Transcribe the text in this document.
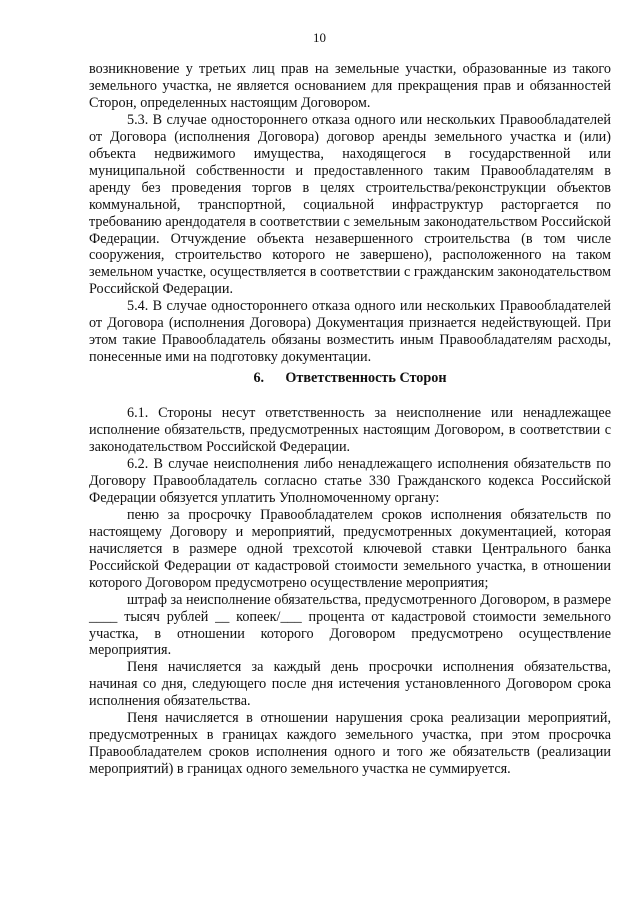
10

возникновение у третьих лиц прав на земельные участки, образованные из такого земельного участка, не является основанием для прекращения прав и обязанностей Сторон, определенных настоящим Договором.

5.3. В случае одностороннего отказа одного или нескольких Правообладателей от Договора (исполнения Договора) договор аренды земельного участка и (или) объекта недвижимого имущества, находящегося в государственной или муниципальной собственности и предоставленного таким Правообладателям в аренду без проведения торгов в целях строительства/реконструкции объектов коммунальной, транспортной, социальной инфраструктур расторгается по требованию арендодателя в соответствии с земельным законодательством Российской Федерации. Отчуждение объекта незавершенного строительства (в том числе сооружения, строительство которого не завершено), расположенного на таком земельном участке, осуществляется в соответствии с гражданским законодательством Российской Федерации.

5.4. В случае одностороннего отказа одного или нескольких Правообладателей от Договора (исполнения Договора) Документация признается недействующей. При этом такие Правообладатель обязаны возместить иным Правообладателям расходы, понесенные ими на подготовку документации.

6. Ответственность Сторон

6.1. Стороны несут ответственность за неисполнение или ненадлежащее исполнение обязательств, предусмотренных настоящим Договором, в соответствии с законодательством Российской Федерации.

6.2. В случае неисполнения либо ненадлежащего исполнения обязательств по Договору Правообладатель согласно статье 330 Гражданского кодекса Российской Федерации обязуется уплатить Уполномоченному органу:

пеню за просрочку Правообладателем сроков исполнения обязательств по настоящему Договору и мероприятий, предусмотренных документацией, которая начисляется в размере одной трехсотой ключевой ставки Центрального банка Российской Федерации от кадастровой стоимости земельного участка, в отношении которого Договором предусмотрено осуществление мероприятия;

штраф за неисполнение обязательства, предусмотренного Договором, в размере ____ тысяч рублей __ копеек/___ процента от кадастровой стоимости земельного участка, в отношении которого Договором предусмотрено осуществление мероприятия.

Пеня начисляется за каждый день просрочки исполнения обязательства, начиная со дня, следующего после дня истечения установленного Договором срока исполнения обязательства.

Пеня начисляется в отношении нарушения срока реализации мероприятий, предусмотренных в границах каждого земельного участка, при этом просрочка Правообладателем сроков исполнения одного и того же обязательств (реализации мероприятий) в границах одного земельного участка не суммируется.
